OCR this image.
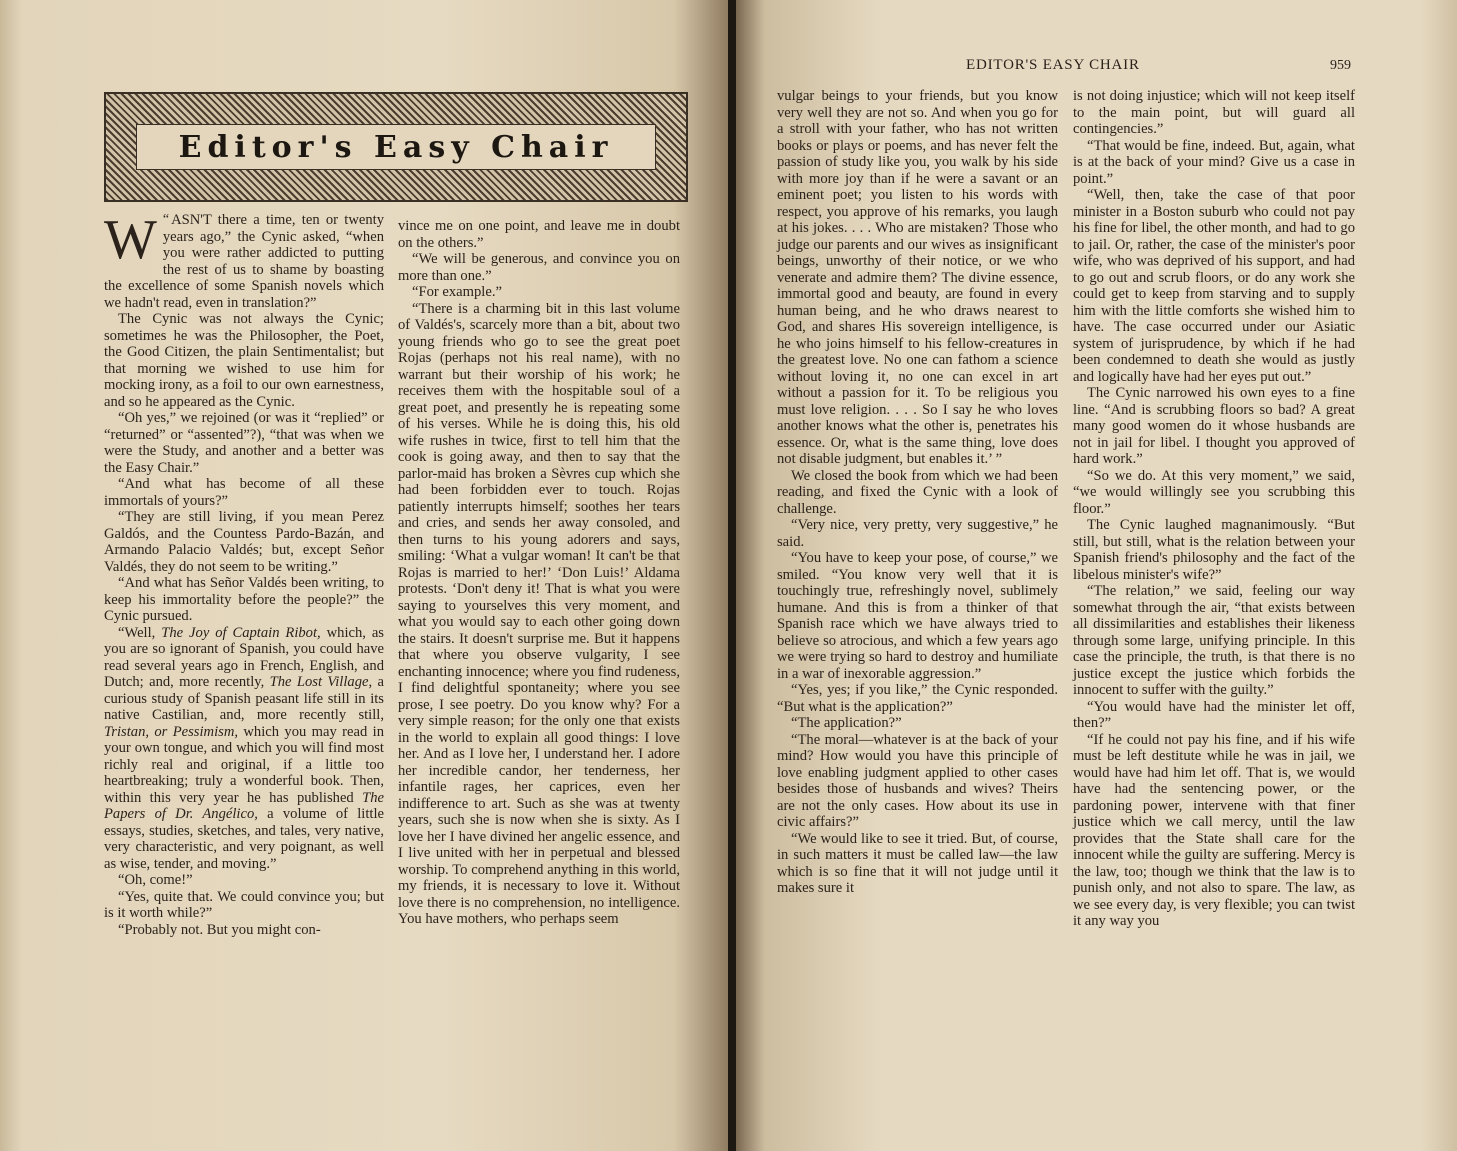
Editor's Easy Chair

“
W ASN'T there a time, ten or twenty years ago,” the Cynic asked, “when you were rather addicted to putting the rest of us to shame by boasting the excellence of some Spanish novels which we hadn't read, even in translation?”

The Cynic was not always the Cynic; sometimes he was the Philosopher, the Poet, the Good Citizen, the plain Sentimentalist; but that morning we wished to use him for mocking irony, as a foil to our own earnestness, and so he appeared as the Cynic.

“Oh yes,” we rejoined (or was it “replied” or “returned” or “assented”?), “that was when we were the Study, and another and a better was the Easy Chair.”

“And what has become of all these immortals of yours?”

“They are still living, if you mean Perez Galdós, and the Countess Pardo-Bazán, and Armando Palacio Valdés; but, except Señor Valdés, they do not seem to be writing.”

“And what has Señor Valdés been writing, to keep his immortality before the people?” the Cynic pursued.

“Well, The Joy of Captain Ribot, which, as you are so ignorant of Spanish, you could have read several years ago in French, English, and Dutch; and, more recently, The Lost Village, a curious study of Spanish peasant life still in its native Castilian, and, more recently still, Tristan, or Pessimism, which you may read in your own tongue, and which you will find most richly real and original, if a little too heartbreaking; truly a wonderful book. Then, within this very year he has published The Papers of Dr. Angélico, a volume of little essays, studies, sketches, and tales, very native, very characteristic, and very poignant, as well as wise, tender, and moving.”

“Oh, come!”

“Yes, quite that. We could convince you; but is it worth while?”

“Probably not. But you might con-

vince me on one point, and leave me in doubt on the others.”

“We will be generous, and convince you on more than one.”

“For example.”

“There is a charming bit in this last volume of Valdés's, scarcely more than a bit, about two young friends who go to see the great poet Rojas (perhaps not his real name), with no warrant but their worship of his work; he receives them with the hospitable soul of a great poet, and presently he is repeating some of his verses. While he is doing this, his old wife rushes in twice, first to tell him that the cook is going away, and then to say that the parlor-maid has broken a Sèvres cup which she had been forbidden ever to touch. Rojas patiently interrupts himself; soothes her tears and cries, and sends her away consoled, and then turns to his young adorers and says, smiling: ‘What a vulgar woman! It can't be that Rojas is married to her!’ ‘Don Luis!’ Aldama protests. ‘Don't deny it! That is what you were saying to yourselves this very moment, and what you would say to each other going down the stairs. It doesn't surprise me. But it happens that where you observe vulgarity, I see enchanting innocence; where you find rudeness, I find delightful spontaneity; where you see prose, I see poetry. Do you know why? For a very simple reason; for the only one that exists in the world to explain all good things: I love her. And as I love her, I understand her. I adore her incredible candor, her tenderness, her infantile rages, her caprices, even her indifference to art. Such as she was at twenty years, such she is now when she is sixty. As I love her I have divined her angelic essence, and I live united with her in perpetual and blessed worship. To comprehend anything in this world, my friends, it is necessary to love it. Without love there is no comprehension, no intelligence. You have mothers, who perhaps seem

EDITOR'S EASY CHAIR	959

vulgar beings to your friends, but you know very well they are not so. And when you go for a stroll with your father, who has not written books or plays or poems, and has never felt the passion of study like you, you walk by his side with more joy than if he were a savant or an eminent poet; you listen to his words with respect, you approve of his remarks, you laugh at his jokes. . . . Who are mistaken? Those who judge our parents and our wives as insignificant beings, unworthy of their notice, or we who venerate and admire them? The divine essence, immortal good and beauty, are found in every human being, and he who draws nearest to God, and shares His sovereign intelligence, is he who joins himself to his fellow-creatures in the greatest love. No one can fathom a science without loving it, no one can excel in art without a passion for it. To be religious you must love religion. . . . So I say he who loves another knows what the other is, penetrates his essence. Or, what is the same thing, love does not disable judgment, but enables it.’ ”

We closed the book from which we had been reading, and fixed the Cynic with a look of challenge.

“Very nice, very pretty, very suggestive,” he said.

“You have to keep your pose, of course,” we smiled. “You know very well that it is touchingly true, refreshingly novel, sublimely humane. And this is from a thinker of that Spanish race which we have always tried to believe so atrocious, and which a few years ago we were trying so hard to destroy and humiliate in a war of inexorable aggression.”

“Yes, yes; if you like,” the Cynic responded. “But what is the application?”

“The application?”

“The moral—whatever is at the back of your mind? How would you have this principle of love enabling judgment applied to other cases besides those of husbands and wives? Theirs are not the only cases. How about its use in civic affairs?”

“We would like to see it tried. But, of course, in such matters it must be called law—the law which is so fine that it will not judge until it makes sure it

is not doing injustice; which will not keep itself to the main point, but will guard all contingencies.”

“That would be fine, indeed. But, again, what is at the back of your mind? Give us a case in point.”

“Well, then, take the case of that poor minister in a Boston suburb who could not pay his fine for libel, the other month, and had to go to jail. Or, rather, the case of the minister's poor wife, who was deprived of his support, and had to go out and scrub floors, or do any work she could get to keep from starving and to supply him with the little comforts she wished him to have. The case occurred under our Asiatic system of jurisprudence, by which if he had been condemned to death she would as justly and logically have had her eyes put out.”

The Cynic narrowed his own eyes to a fine line. “And is scrubbing floors so bad? A great many good women do it whose husbands are not in jail for libel. I thought you approved of hard work.”

“So we do. At this very moment,” we said, “we would willingly see you scrubbing this floor.”

The Cynic laughed magnanimously. “But still, but still, what is the relation between your Spanish friend's philosophy and the fact of the libelous minister's wife?”

“The relation,” we said, feeling our way somewhat through the air, “that exists between all dissimilarities and establishes their likeness through some large, unifying principle. In this case the principle, the truth, is that there is no justice except the justice which forbids the innocent to suffer with the guilty.”

“You would have had the minister let off, then?”

“If he could not pay his fine, and if his wife must be left destitute while he was in jail, we would have had him let off. That is, we would have had the sentencing power, or the pardoning power, intervene with that finer justice which we call mercy, until the law provides that the State shall care for the innocent while the guilty are suffering. Mercy is the law, too; though we think that the law is to punish only, and not also to spare. The law, as we see every day, is very flexible; you can twist it any way you
